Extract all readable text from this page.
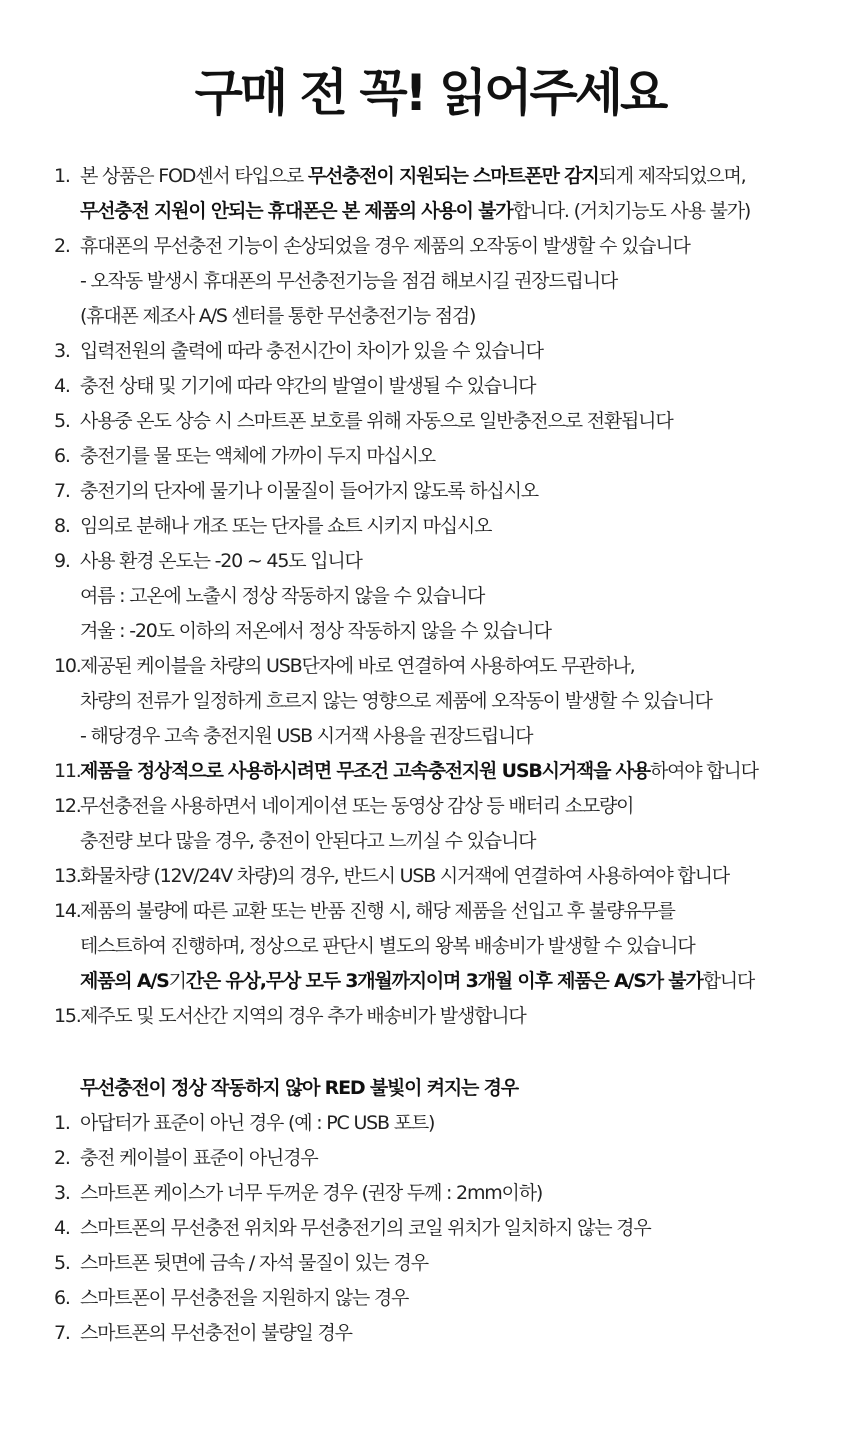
구매 전 꼭! 읽어주세요
1. 본 상품은 FOD센서 타입으로 무선충전이 지원되는 스마트폰만 감지되게 제작되었으며,
무선충전 지원이 안되는 휴대폰은 본 제품의 사용이 불가합니다. (거치기능도 사용 불가)
2. 휴대폰의 무선충전 기능이 손상되었을 경우 제품의 오작동이 발생할 수 있습니다
- 오작동 발생시 휴대폰의 무선충전기능을 점검 해보시길 권장드립니다
(휴대폰 제조사 A/S 센터를 통한 무선충전기능 점검)
3. 입력전원의 출력에 따라 충전시간이 차이가 있을 수 있습니다
4. 충전 상태 및 기기에 따라 약간의 발열이 발생될 수 있습니다
5. 사용중 온도 상승 시 스마트폰 보호를 위해 자동으로 일반충전으로 전환됩니다
6. 충전기를 물 또는 액체에 가까이 두지 마십시오
7. 충전기의 단자에 물기나 이물질이 들어가지 않도록 하십시오
8. 임의로 분해나 개조 또는 단자를 쇼트 시키지 마십시오
9. 사용 환경 온도는 -20 ~ 45도 입니다
여름 : 고온에 노출시 정상 작동하지 않을 수 있습니다
겨울 : -20도 이하의 저온에서 정상 작동하지 않을 수 있습니다
10. 제공된 케이블을 차량의 USB단자에 바로 연결하여 사용하여도 무관하나,
차량의 전류가 일정하게 흐르지 않는 영향으로 제품에 오작동이 발생할 수 있습니다
- 해당경우 고속 충전지원 USB 시거잭 사용을 권장드립니다
11. 제품을 정상적으로 사용하시려면 무조건 고속충전지원 USB시거잭을 사용하여야 합니다
12. 무선충전을 사용하면서 네이게이션 또는 동영상 감상 등 배터리 소모량이
충전량 보다 많을 경우, 충전이 안된다고 느끼실 수 있습니다
13. 화물차량 (12V/24V 차량)의 경우, 반드시 USB 시거잭에 연결하여 사용하여야 합니다
14. 제품의 불량에 따른 교환 또는 반품 진행 시, 해당 제품을 선입고 후 불량유무를
테스트하여 진행하며, 정상으로 판단시 별도의 왕복 배송비가 발생할 수 있습니다
제품의 A/S기간은 유상,무상 모두 3개월까지이며 3개월 이후 제품은 A/S가 불가합니다
15. 제주도 및 도서산간 지역의 경우 추가 배송비가 발생합니다
무선충전이 정상 작동하지 않아 RED 불빛이 켜지는 경우
1. 아답터가 표준이 아닌 경우 (예 : PC USB 포트)
2. 충전 케이블이 표준이 아닌경우
3. 스마트폰 케이스가 너무 두꺼운 경우 (권장 두께 : 2mm이하)
4. 스마트폰의 무선충전 위치와 무선충전기의 코일 위치가 일치하지 않는 경우
5. 스마트폰 뒷면에 금속 / 자석 물질이 있는 경우
6. 스마트폰이 무선충전을 지원하지 않는 경우
7. 스마트폰의 무선충전이 불량일 경우
